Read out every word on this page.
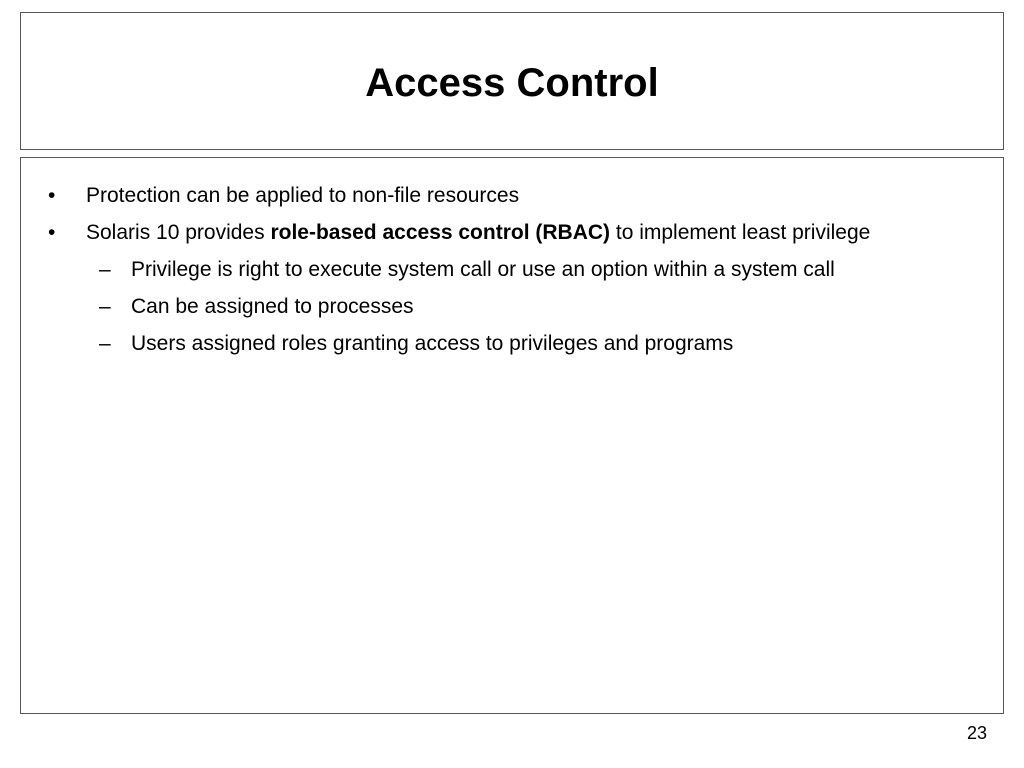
Access Control
• Protection can be applied to non-file resources
• Solaris 10 provides role-based access control (RBAC) to implement least privilege
– Privilege is right to execute system call or use an option within a system call
– Can be assigned to processes
– Users assigned roles granting access to privileges and programs
23
